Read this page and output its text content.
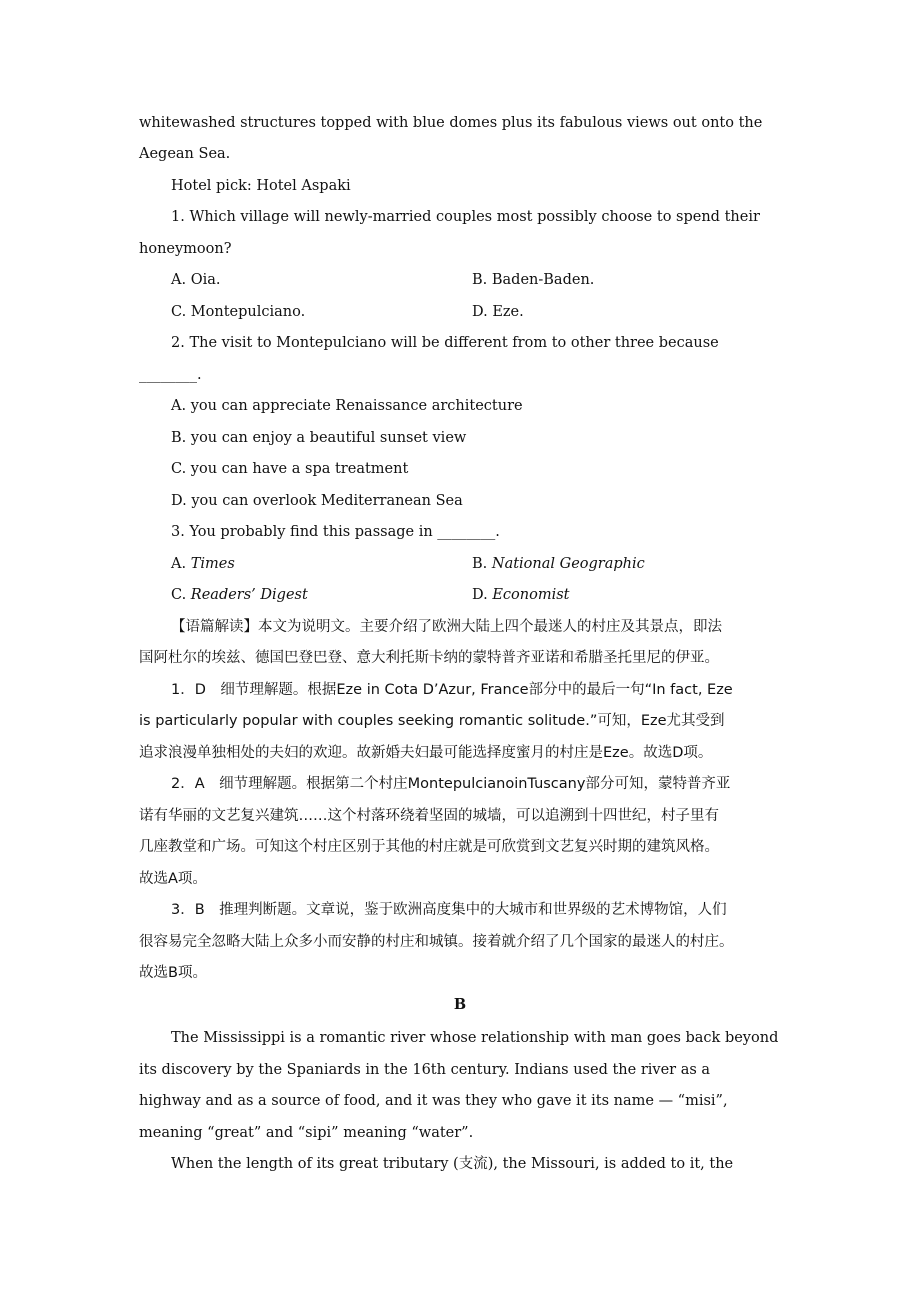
whitewashed structures topped with blue domes plus its fabulous views out onto the
Aegean Sea.
Hotel pick: Hotel Aspaki
1. Which village will newly-married couples most possibly choose to spend their
honeymoon?
A. Oia.	B. Baden-Baden.
C. Montepulciano.	D. Eze.
2. The visit to Montepulciano will be different from to other three because
________.
A. you can appreciate Renaissance architecture
B. you can enjoy a beautiful sunset view
C. you can have a spa treatment
D. you can overlook Mediterranean Sea
3. You probably find this passage in ________.
A. Times	B. National Geographic
C. Readers’ Digest	D. Economist
【语篇解读】本文为说明文。主要介绍了欧洲大陆上四个最迷人的村庄及其景点，即法
国阿杜尔的埃兹、德国巴登巴登、意大利托斯卡纳的蒙特普齐亚诺和希腊圣托里尼的伊亚。
1．D　细节理解题。根据Eze in Cota D’Azur, France部分中的最后一句“In fact, Eze
is particularly popular with couples seeking romantic solitude.”可知，Eze尤其受到
追求浪漫单独相处的夫妇的欢迎。故新婚夫妇最可能选择度蜜月的村庄是Eze。故选D项。
2．A　细节理解题。根据第二个村庄MontepulcianoinTuscany部分可知，蒙特普齐亚
诺有华丽的文艺复兴建筑……这个村落环绕着坚固的城墙，可以追溯到十四世纪，村子里有
几座教堂和广场。可知这个村庄区别于其他的村庄就是可欣赏到文艺复兴时期的建筑风格。
故选A项。
3．B　推理判断题。文章说，鉴于欧洲高度集中的大城市和世界级的艺术博物馆，人们
很容易完全忽略大陆上众多小而安静的村庄和城镇。接着就介绍了几个国家的最迷人的村庄。
故选B项。
B
The Mississippi is a romantic river whose relationship with man goes back beyond
its discovery by the Spaniards in the 16th century. Indians used the river as a
highway and as a source of food, and it was they who gave it its name — “misi”,
meaning “great” and “sipi” meaning “water”.
When the length of its great tributary (支流), the Missouri, is added to it, the
